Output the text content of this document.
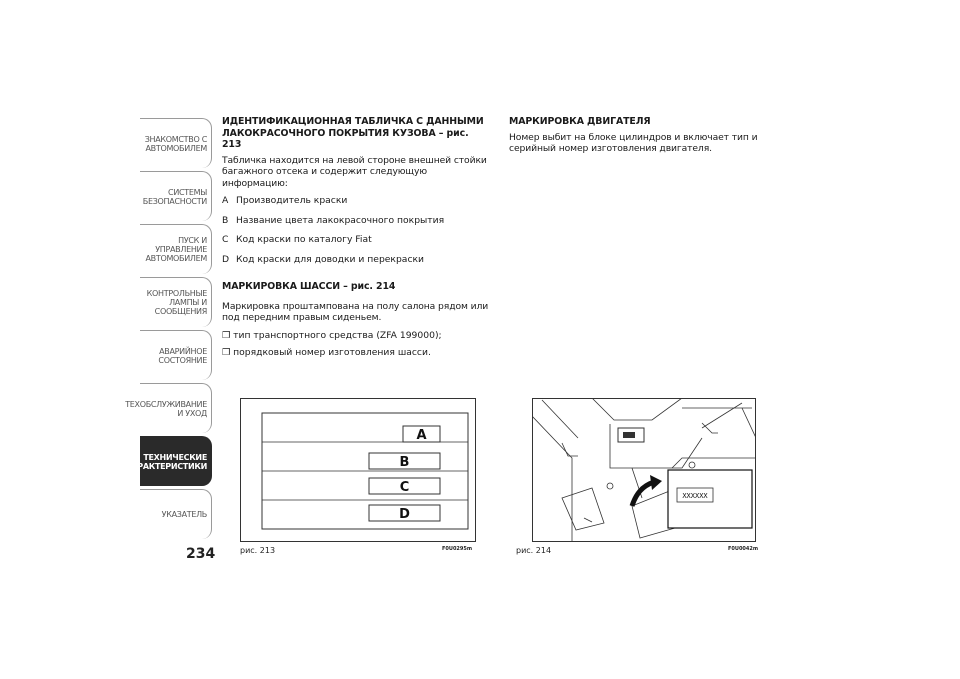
ЗНАКОМСТВО С АВТОМОБИЛЕМ
СИСТЕМЫ БЕЗОПАСНОСТИ
ПУСК И УПРАВЛЕНИЕ АВТОМОБИЛЕМ
КОНТРОЛЬНЫЕ ЛАМПЫ И СООБЩЕНИЯ
АВАРИЙНОЕ СОСТОЯНИЕ
ТЕХОБСЛУЖИВАНИЕ И УХОД
ТЕХНИЧЕСКИЕ ХАРАКТЕРИСТИКИ
УКАЗАТЕЛЬ
234
ИДЕНТИФИКАЦИОННАЯ ТАБЛИЧКА С ДАННЫМИ ЛАКОКРАСОЧНОГО ПОКРЫТИЯ КУЗОВА – рис. 213
Табличка находится на левой стороне внешней стойки багажного отсека и содержит следующую информацию:
A Производитель краски
B Название цвета лакокрасочного покрытия
C Код краски по каталогу Fiat
D Код краски для доводки и перекраски
МАРКИРОВКА ШАССИ – рис. 214
Маркировка проштампована на полу салона рядом или под передним правым сиденьем.
❒ тип транспортного средства (ZFA 199000);
❒ порядковый номер изготовления шасси.
МАРКИРОВКА ДВИГАТЕЛЯ
Номер выбит на блоке цилиндров и включает тип и серийный номер изготовления двигателя.
A
B
C
D
рис. 213	F0U0295m
XXXXXX
рис. 214	F0U0042m
